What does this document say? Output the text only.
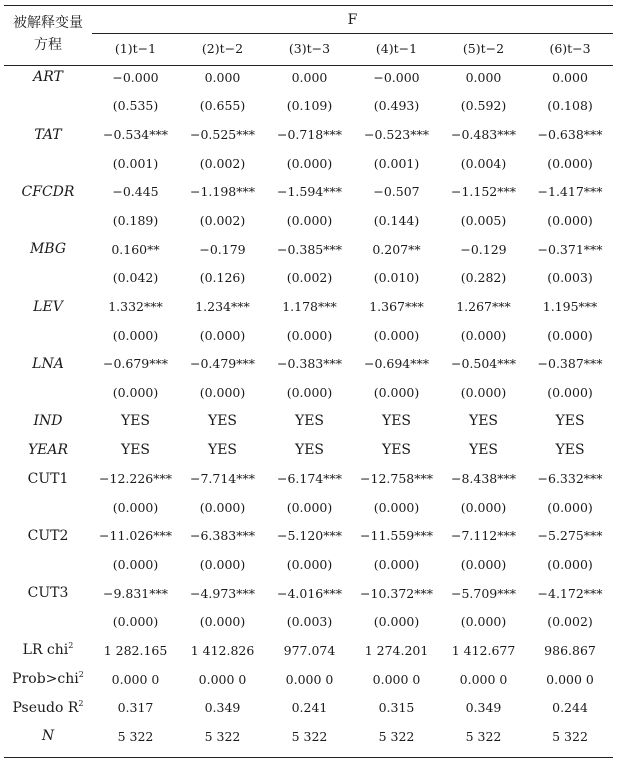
被解释变量
方程	F					
	(1)t−1	(2)t−2	(3)t−3	(4)t−1	(5)t−2	(6)t−3
ART	−0.000	0.000	0.000	−0.000	0.000	0.000
	(0.535)	(0.655)	(0.109)	(0.493)	(0.592)	(0.108)
TAT	−0.534***	−0.525***	−0.718***	−0.523***	−0.483***	−0.638***
	(0.001)	(0.002)	(0.000)	(0.001)	(0.004)	(0.000)
CFCDR	−0.445	−1.198***	−1.594***	−0.507	−1.152***	−1.417***
	(0.189)	(0.002)	(0.000)	(0.144)	(0.005)	(0.000)
MBG	0.160**	−0.179	−0.385***	0.207**	−0.129	−0.371***
	(0.042)	(0.126)	(0.002)	(0.010)	(0.282)	(0.003)
LEV	1.332***	1.234***	1.178***	1.367***	1.267***	1.195***
	(0.000)	(0.000)	(0.000)	(0.000)	(0.000)	(0.000)
LNA	−0.679***	−0.479***	−0.383***	−0.694***	−0.504***	−0.387***
	(0.000)	(0.000)	(0.000)	(0.000)	(0.000)	(0.000)
IND	YES	YES	YES	YES	YES	YES
YEAR	YES	YES	YES	YES	YES	YES
CUT1	−12.226***	−7.714***	−6.174***	−12.758***	−8.438***	−6.332***
	(0.000)	(0.000)	(0.000)	(0.000)	(0.000)	(0.000)
CUT2	−11.026***	−6.383***	−5.120***	−11.559***	−7.112***	−5.275***
	(0.000)	(0.000)	(0.000)	(0.000)	(0.000)	(0.000)
CUT3	−9.831***	−4.973***	−4.016***	−10.372***	−5.709***	−4.172***
	(0.000)	(0.000)	(0.003)	(0.000)	(0.000)	(0.002)
LR chi$^2$	1 282.165	1 412.826	977.074	1 274.201	1 412.677	986.867
Prob>chi$^2$	0.000 0	0.000 0	0.000 0	0.000 0	0.000 0	0.000 0
Pseudo $R^2$	0.317	0.349	0.241	0.315	0.349	0.244
N	5 322	5 322	5 322	5 322	5 322	5 322
